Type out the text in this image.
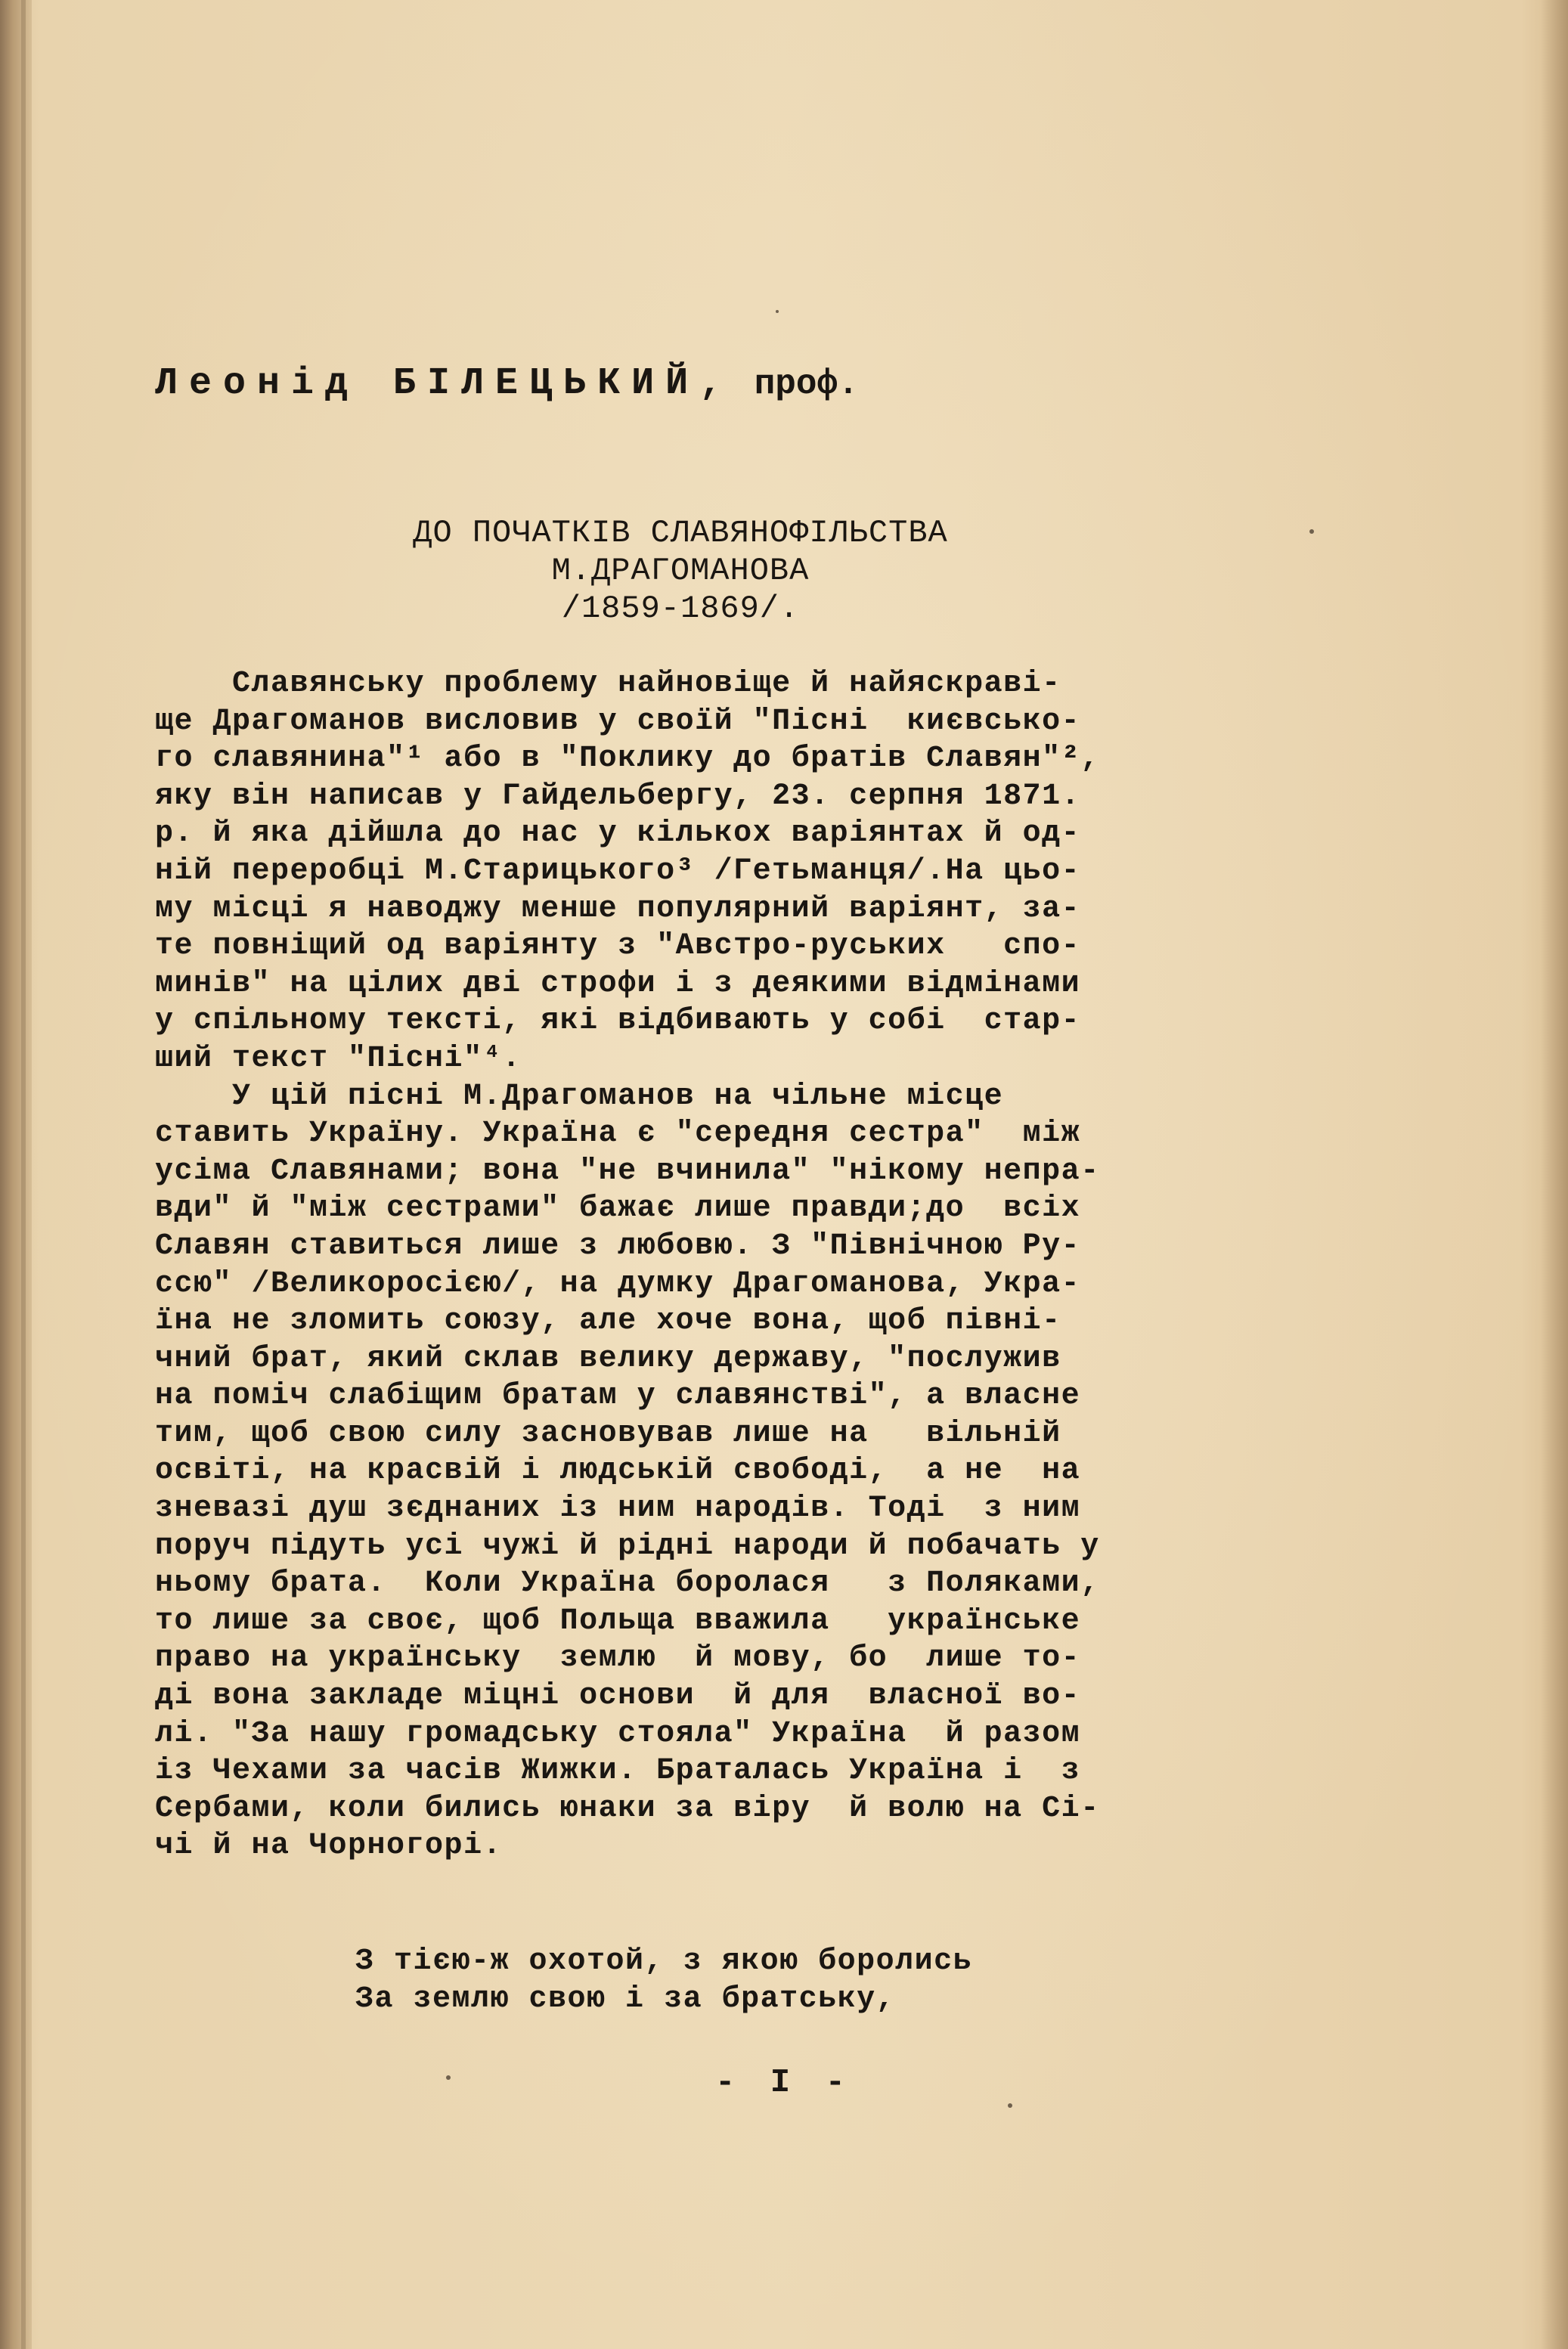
Леонід БІЛЕЦЬКИЙ, проф.
ДО ПОЧАТКІВ СЛАВЯНОФІЛЬСТВА
М.ДРАГОМАНОВА
/1859-1869/.
Славянську проблему найновіще й найяскраві-
ще Драгоманов висловив у своїй "Пісні  києвсько-
го славянина"¹ або в "Поклику до братів Славян"²,
яку він написав у Гайдельбергу, 23. серпня 1871.
р. й яка дійшла до нас у кількох варіянтах й од-
ній переробці М.Старицького³ /Гетьманця/.На цьо-
му місці я наводжу менше популярний варіянт, за-
те повніщий од варіянту з "Австро-руських   спо-
минів" на цілих дві строфи і з деякими відмінами
у спільному тексті, які відбивають у собі  стар-
ший текст "Пісні"⁴.
У цій пісні М.Драгоманов на чільне місце
ставить Україну. Україна є "середня сестра"  між
усіма Славянами; вона "не вчинила" "нікому непра-
вди" й "між сестрами" бажає лише правди;до  всіх
Славян ставиться лише з любовю. З "Північною Ру-
ссю" /Великоросією/, на думку Драгоманова, Укра-
їна не зломить союзу, але хоче вона, щоб півні-
чний брат, який склав велику державу, "послужив
на поміч слабіщим братам у славянстві", а власне
тим, щоб свою силу засновував лише на   вільній
освіті, на красвій і людській свободі,  а не  на
зневазі душ зєднаних із ним народів. Тоді  з ним
поруч підуть усі чужі й рідні народи й побачать у
ньому брата.  Коли Україна боролася   з Поляками,
то лише за своє, щоб Польща вважила   українське
право на українську  землю  й мову, бо  лише то-
ді вона закладе міцні основи  й для  власної во-
лі. "За нашу громадську стояла" Україна  й разом
із Чехами за часів Жижки. Браталась Україна і  з
Сербами, коли бились юнаки за віру  й волю на Сі-
чі й на Чорногорі.
З тією-ж охотой, з якою боролись
За землю свою і за братську,
- I -
